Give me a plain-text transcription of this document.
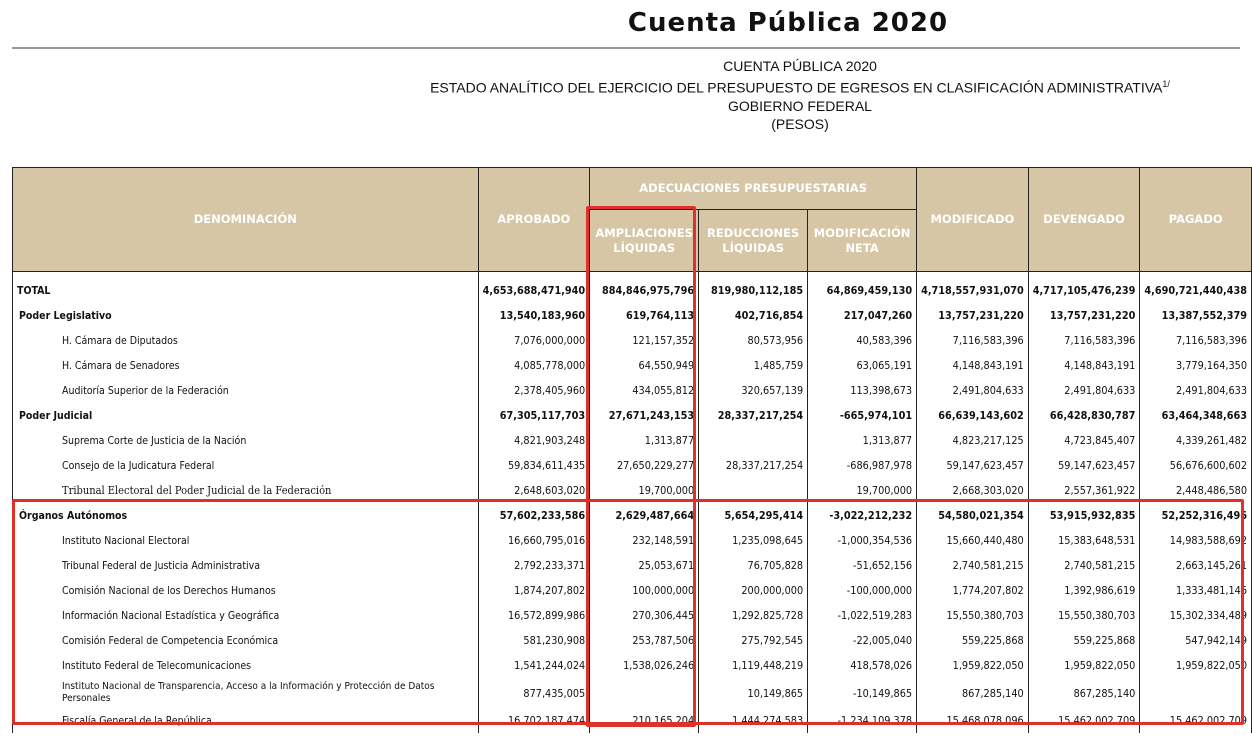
Cuenta Pública 2020
CUENTA PÚBLICA 2020
ESTADO ANALÍTICO DEL EJERCICIO DEL PRESUPUESTO DE EGRESOS EN CLASIFICACIÓN $ADMINISTRATIVA^{1/}$
GOBIERNO FEDERAL
(PESOS)
DENOMINACIÓN	APROBADO	ADECUACIONES PRESUPUESTARIAS			MODIFICADO	DEVENGADO	PAGADO
		AMPLIACIONES LÍQUIDAS	REDUCCIONES LÍQUIDAS	MODIFICACIÓN NETA			
TOTAL	4,653,688,471,940	884,846,975,796	819,980,112,185	64,869,459,130	4,718,557,931,070	4,717,105,476,239	4,690,721,440,438
Poder Legislativo	13,540,183,960	619,764,113	402,716,854	217,047,260	13,757,231,220	13,757,231,220	13,387,552,379
H. Cámara de Diputados	7,076,000,000	121,157,352	80,573,956	40,583,396	7,116,583,396	7,116,583,396	7,116,583,396
H. Cámara de Senadores	4,085,778,000	64,550,949	1,485,759	63,065,191	4,148,843,191	4,148,843,191	3,779,164,350
Auditoría Superior de la Federación	2,378,405,960	434,055,812	320,657,139	113,398,673	2,491,804,633	2,491,804,633	2,491,804,633
Poder Judicial	67,305,117,703	27,671,243,153	28,337,217,254	-665,974,101	66,639,143,602	66,428,830,787	63,464,348,663
Suprema Corte de Justicia de la Nación	4,821,903,248	1,313,877		1,313,877	4,823,217,125	4,723,845,407	4,339,261,482
Consejo de la Judicatura Federal	59,834,611,435	27,650,229,277	28,337,217,254	-686,987,978	59,147,623,457	59,147,623,457	56,676,600,602
Tribunal Electoral del Poder Judicial de la Federación	2,648,603,020	19,700,000		19,700,000	2,668,303,020	2,557,361,922	2,448,486,580
Órganos Autónomos	57,602,233,586	2,629,487,664	5,654,295,414	-3,022,212,232	54,580,021,354	53,915,932,835	52,252,316,496
Instituto Nacional Electoral	16,660,795,016	232,148,591	1,235,098,645	-1,000,354,536	15,660,440,480	15,383,648,531	14,983,588,692
Tribunal Federal de Justicia Administrativa	2,792,233,371	25,053,671	76,705,828	-51,652,156	2,740,581,215	2,740,581,215	2,663,145,261
Comisión Nacional de los Derechos Humanos	1,874,207,802	100,000,000	200,000,000	-100,000,000	1,774,207,802	1,392,986,619	1,333,481,146
Información Nacional Estadística y Geográfica	16,572,899,986	270,306,445	1,292,825,728	-1,022,519,283	15,550,380,703	15,550,380,703	15,302,334,489
Comisión Federal de Competencia Económica	581,230,908	253,787,506	275,792,545	-22,005,040	559,225,868	559,225,868	547,942,149
Instituto Federal de Telecomunicaciones	1,541,244,024	1,538,026,246	1,119,448,219	418,578,026	1,959,822,050	1,959,822,050	1,959,822,050
Instituto Nacional de Transparencia, Acceso a la Información y Protección de Datos Personales	877,435,005		10,149,865	-10,149,865	867,285,140	867,285,140	
Fiscalía General de la República	16,702,187,474	210,165,204	1,444,274,583	-1,234,109,378	15,468,078,096	15,462,002,709	15,462,002,709
